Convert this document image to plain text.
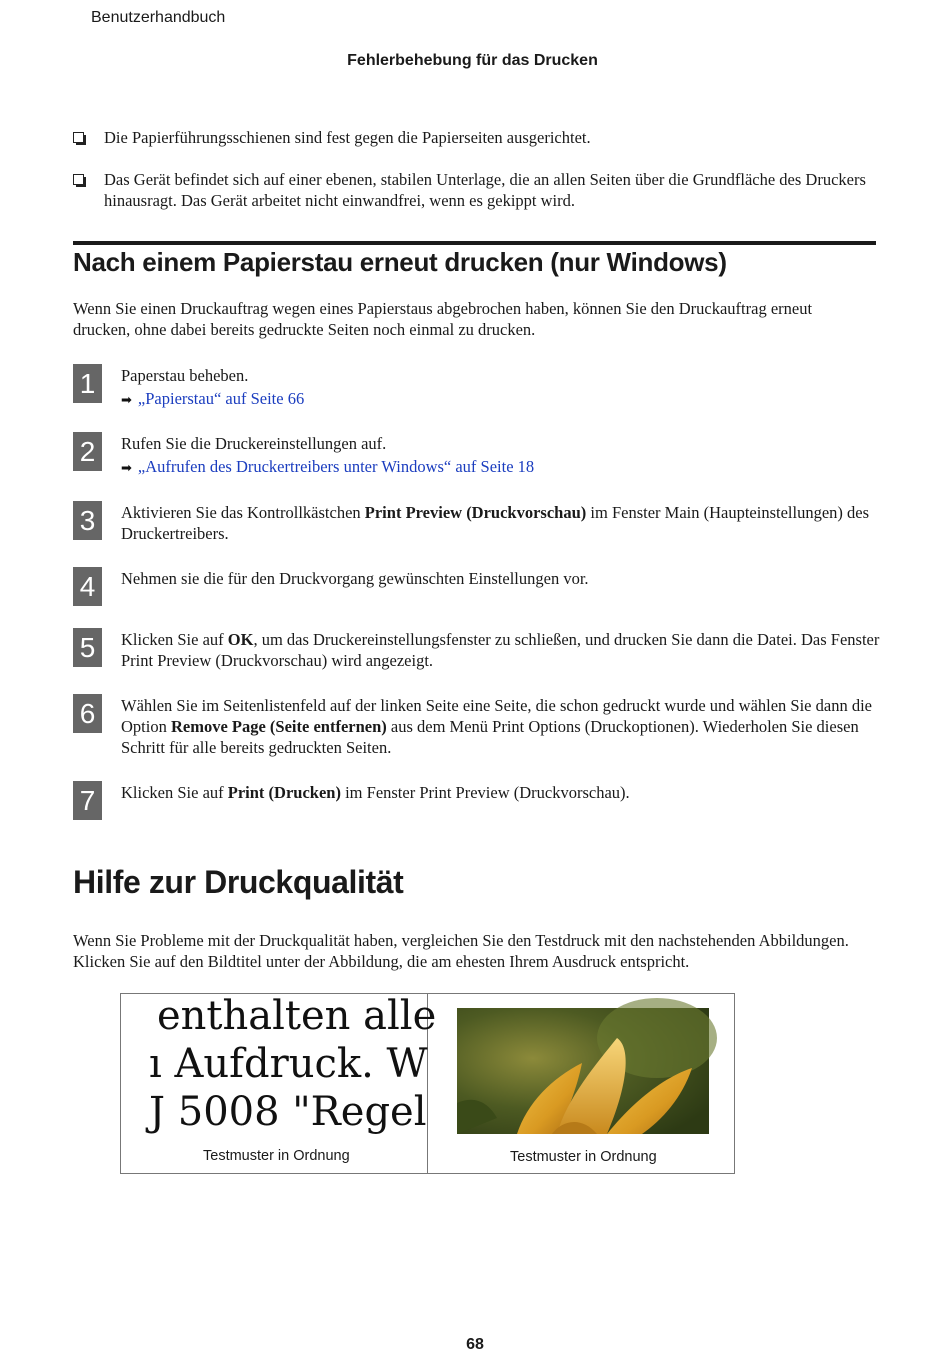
Benutzerhandbuch
Fehlerbehebung für das Drucken
Die Papierführungsschienen sind fest gegen die Papierseiten ausgerichtet.
Das Gerät befindet sich auf einer ebenen, stabilen Unterlage, die an allen Seiten über die Grundfläche des Druckers hinausragt. Das Gerät arbeitet nicht einwandfrei, wenn es gekippt wird.
Nach einem Papierstau erneut drucken (nur Windows)
Wenn Sie einen Druckauftrag wegen eines Papierstaus abgebrochen haben, können Sie den Druckauftrag erneut drucken, ohne dabei bereits gedruckte Seiten noch einmal zu drucken.
1	Paperstau beheben.
➡ „Papierstau“ auf Seite 66
2	Rufen Sie die Druckereinstellungen auf.
➡ „Aufrufen des Druckertreibers unter Windows“ auf Seite 18
3	Aktivieren Sie das Kontrollkästchen Print Preview (Druckvorschau) im Fenster Main (Haupteinstellungen) des Druckertreibers.
4	Nehmen sie die für den Druckvorgang gewünschten Einstellungen vor.
5	Klicken Sie auf OK, um das Druckereinstellungsfenster zu schließen, und drucken Sie dann die Datei. Das Fenster Print Preview (Druckvorschau) wird angezeigt.
6	Wählen Sie im Seitenlistenfeld auf der linken Seite eine Seite, die schon gedruckt wurde und wählen Sie dann die Option Remove Page (Seite entfernen) aus dem Menü Print Options (Druckoptionen). Wiederholen Sie diesen Schritt für alle bereits gedruckten Seiten.
7	Klicken Sie auf Print (Drucken) im Fenster Print Preview (Druckvorschau).
Hilfe zur Druckqualität
Wenn Sie Probleme mit der Druckqualität haben, vergleichen Sie den Testdruck mit den nachstehenden Abbildungen. Klicken Sie auf den Bildtitel unter der Abbildung, die am ehesten Ihrem Ausdruck entspricht.
enthalten alle
ı Aufdruck. W
J 5008 "Regel
Testmuster in Ordnung	Testmuster in Ordnung
68
